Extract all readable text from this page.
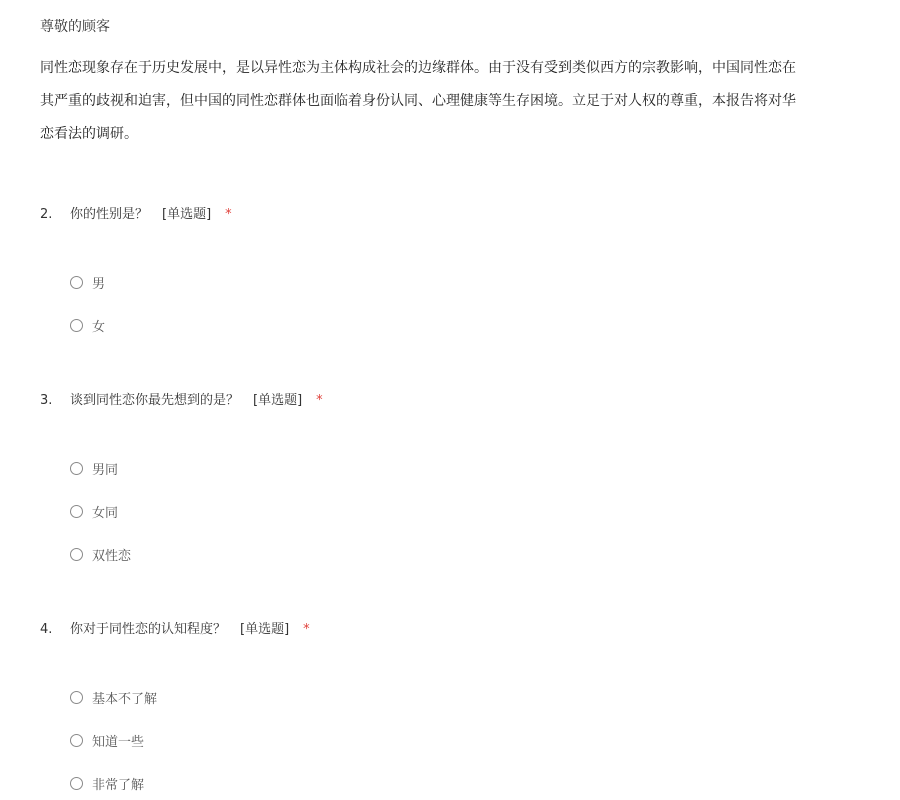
尊敬的顾客
同性恋现象存在于历史发展中，是以异性恋为主体构成社会的边缘群体。由于没有受到类似西方的宗教影响，中国同性恋在
其严重的歧视和迫害，但中国的同性恋群体也面临着身份认同、心理健康等生存困境。立足于对人权的尊重，本报告将对华
恋看法的调研。
2. 你的性别是？ [单选题] *
男
女
3. 谈到同性恋你最先想到的是？ [单选题] *
男同
女同
双性恋
4. 你对于同性恋的认知程度？ [单选题] *
基本不了解
知道一些
非常了解
